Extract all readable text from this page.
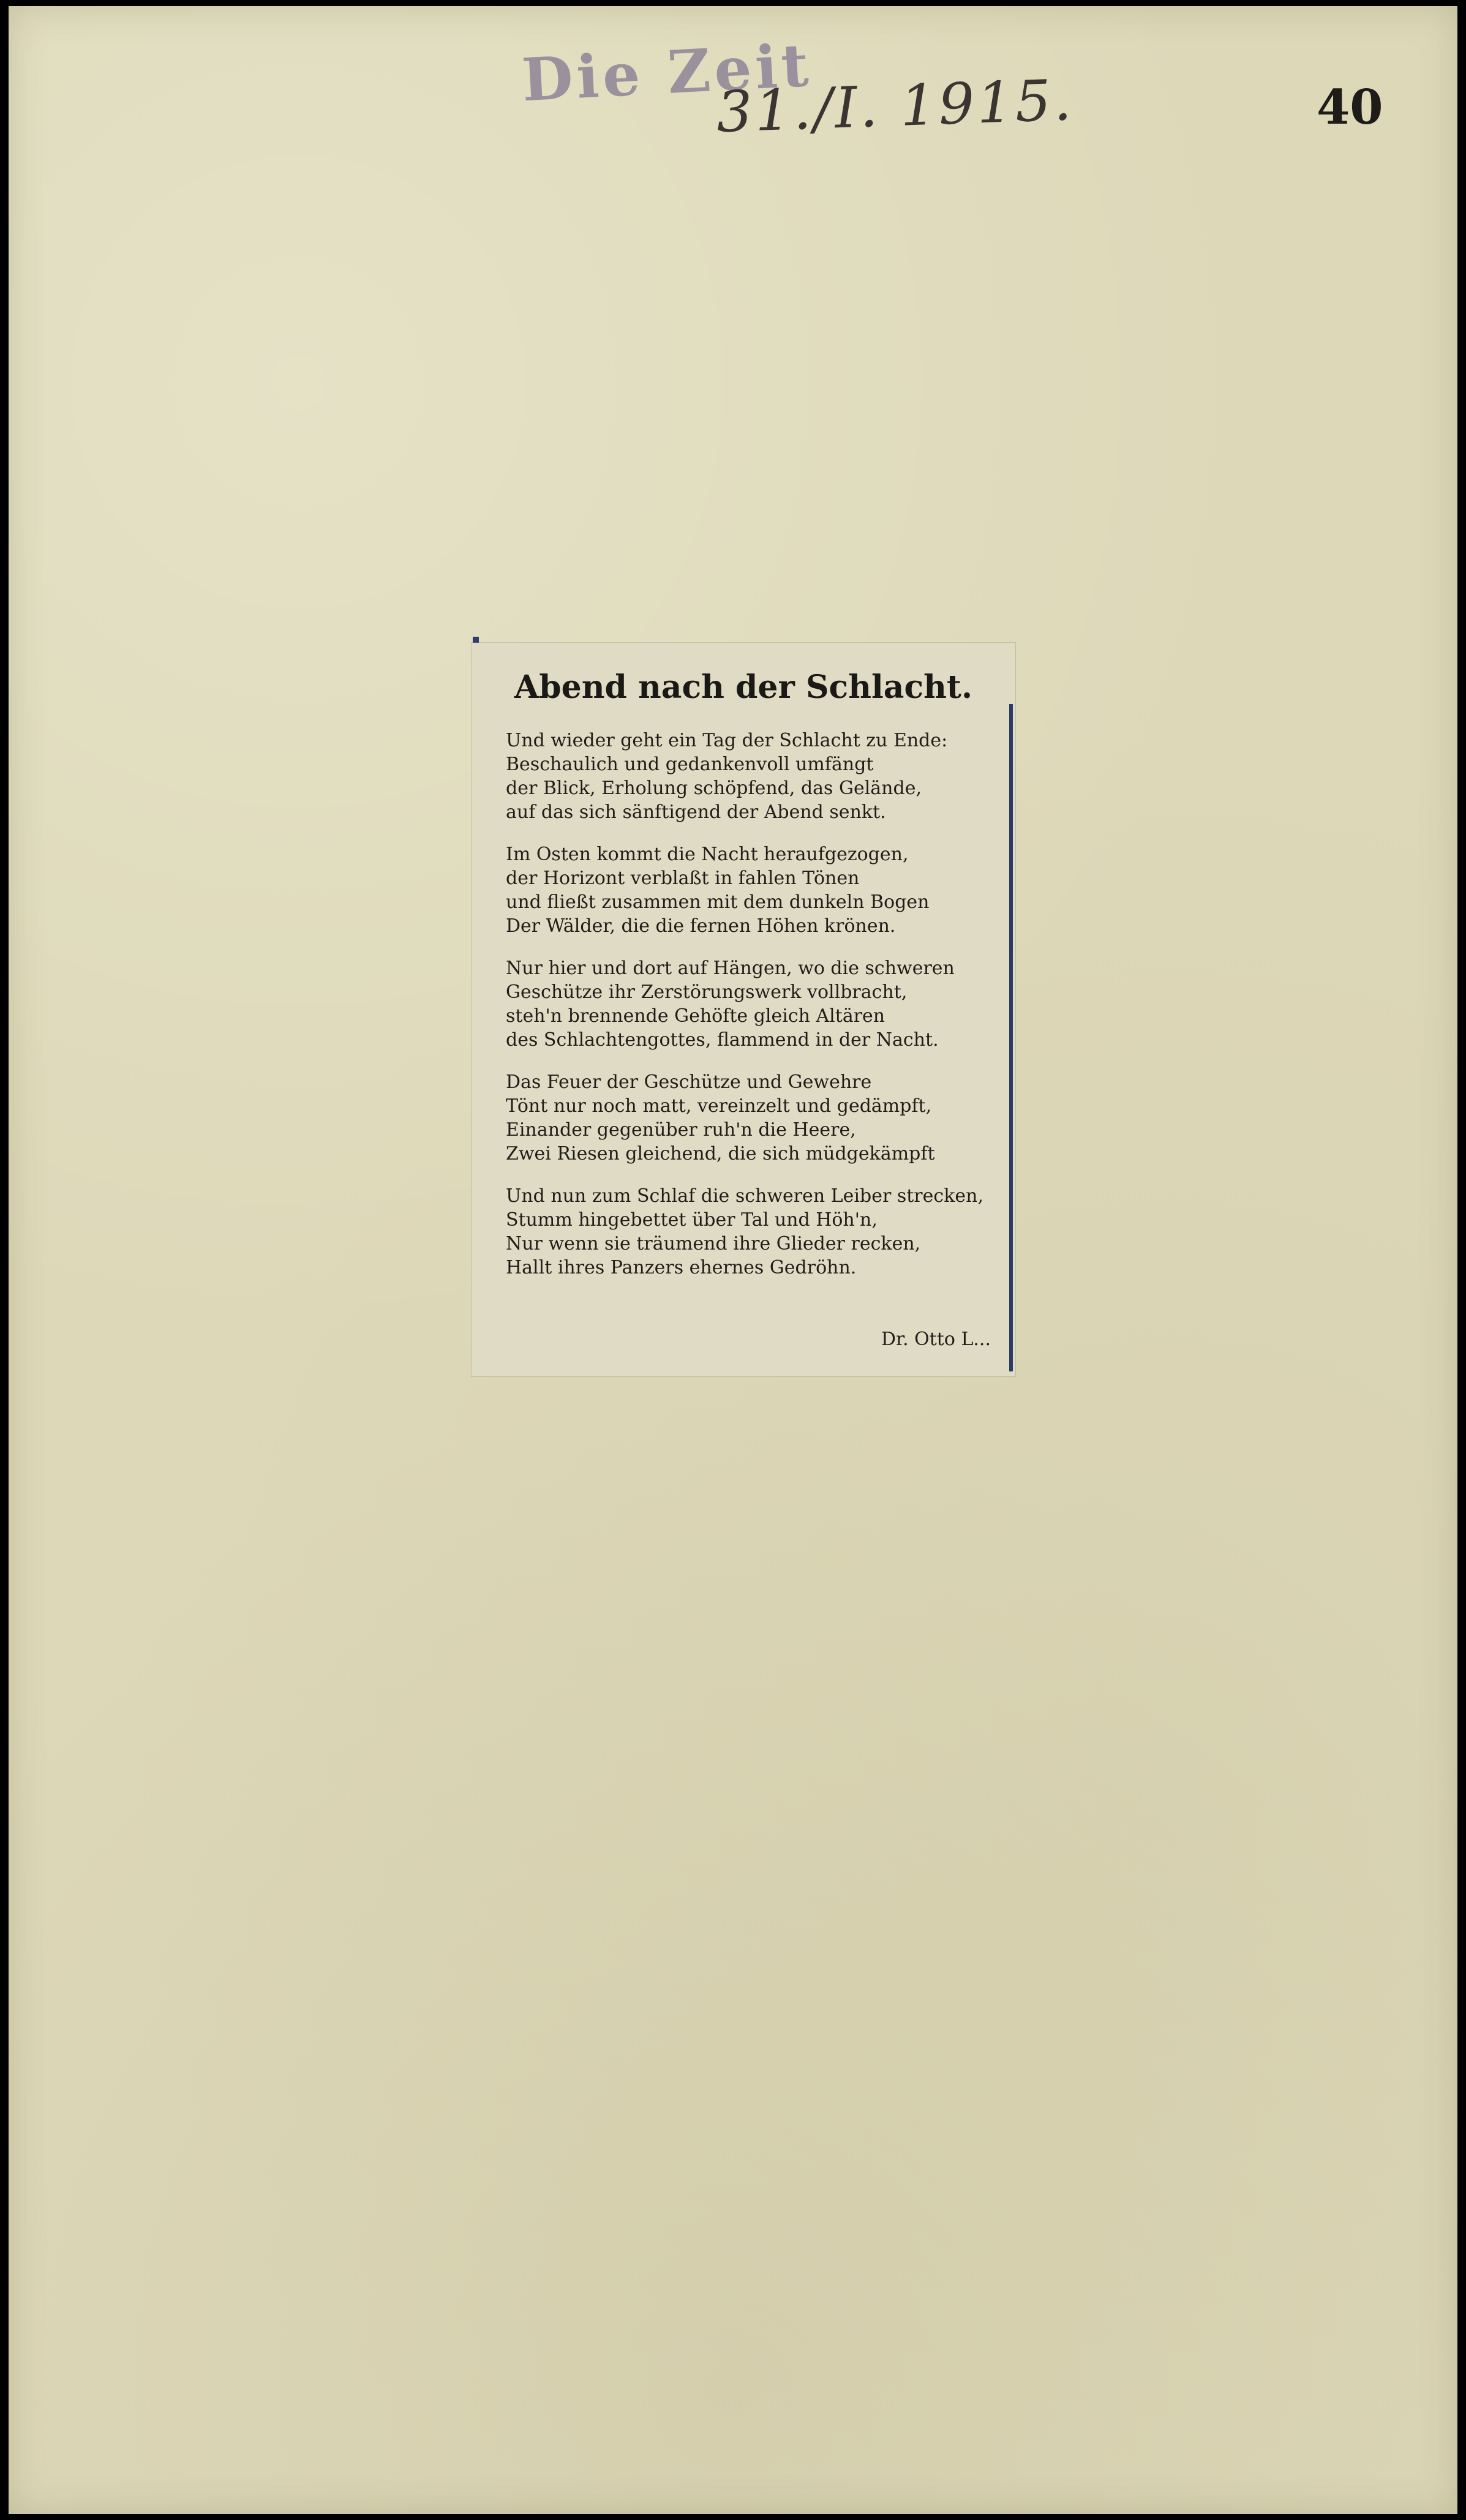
Die Zeit
31./I. 1915.	40
Abend nach der Schlacht.
Und wieder geht ein Tag der Schlacht zu Ende:
Beschaulich und gedankenvoll umfängt
der Blick, Erholung schöpfend, das Gelände,
auf das sich sänftigend der Abend senkt.
Im Osten kommt die Nacht heraufgezogen,
der Horizont verblaßt in fahlen Tönen
und fließt zusammen mit dem dunkeln Bogen
Der Wälder, die die fernen Höhen krönen.
Nur hier und dort auf Hängen, wo die schweren
Geschütze ihr Zerstörungswerk vollbracht,
steh'n brennende Gehöfte gleich Altären
des Schlachtengottes, flammend in der Nacht.
Das Feuer der Geschütze und Gewehre
Tönt nur noch matt, vereinzelt und gedämpft,
Einander gegenüber ruh'n die Heere,
Zwei Riesen gleichend, die sich müdgekämpft
Und nun zum Schlaf die schweren Leiber strecken,
Stumm hingebettet über Tal und Höh'n,
Nur wenn sie träumend ihre Glieder recken,
Hallt ihres Panzers ehernes Gedröhn.
Dr. Otto L...
